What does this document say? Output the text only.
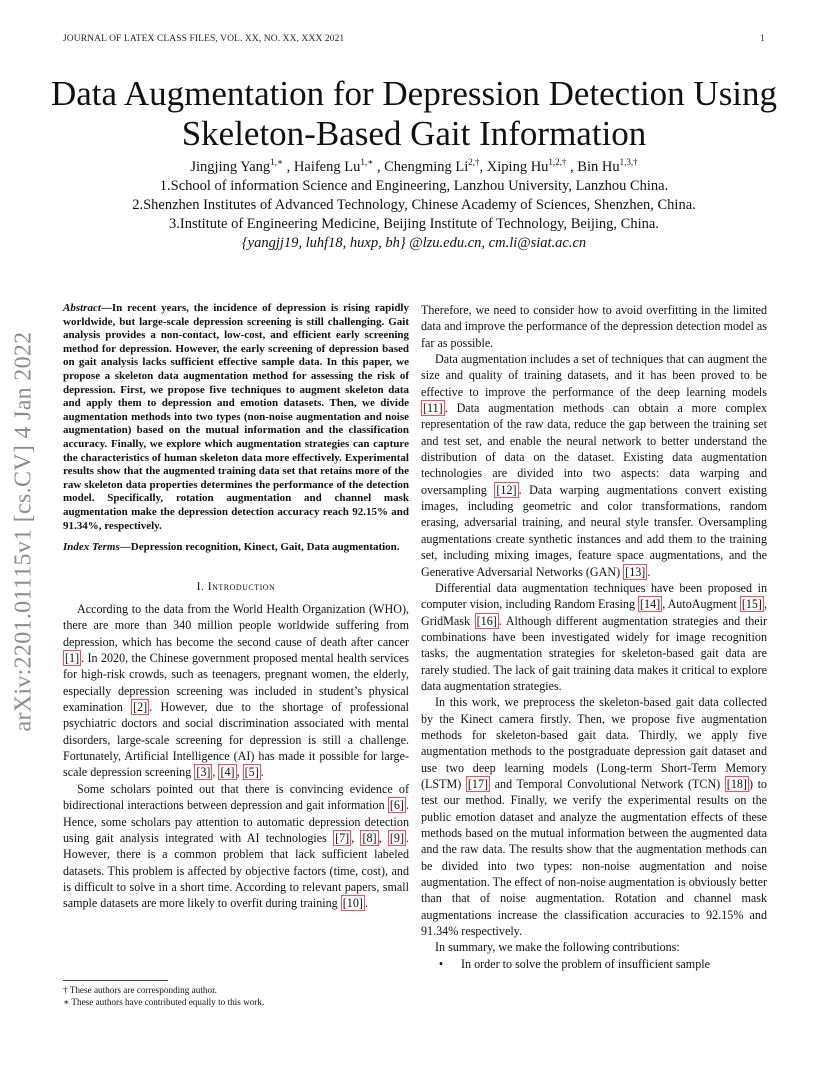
JOURNAL OF LATEX CLASS FILES, VOL. XX, NO. XX, XXX 2021	1
Data Augmentation for Depression Detection Using Skeleton-Based Gait Information
Jingjing Yang$^{1,∗}$ , Haifeng $Lu^{1,∗}$ , Chengming $Li^{2,\dagger}$, Xiping $Hu^{1,2,\dagger}$ , Bin $Hu^{1,3,\dagger}$
1.School of information Science and Engineering, Lanzhou University, Lanzhou China.
2.Shenzhen Institutes of Advanced Technology, Chinese Academy of Sciences, Shenzhen, China.
3.Institute of Engineering Medicine, Beijing Institute of Technology, Beijing, China.
{yangjj19, luhf18, huxp, bh} @lzu.edu.cn, cm.li@siat.ac.cn
arXiv:2201.01115v1 [cs.CV] 4 Jan 2022

Abstract—In recent years, the incidence of depression is rising rapidly worldwide, but large-scale depression screening is still challenging. Gait analysis provides a non-contact, low-cost, and efficient early screening method for depression. However, the early screening of depression based on gait analysis lacks sufficient effective sample data. In this paper, we propose a skeleton data augmentation method for assessing the risk of depression. First, we propose five techniques to augment skeleton data and apply them to depression and emotion datasets. Then, we divide augmentation methods into two types (non-noise augmentation and noise augmentation) based on the mutual information and the classification accuracy. Finally, we explore which augmentation strategies can capture the characteristics of human skeleton data more effectively. Experimental results show that the augmented training data set that retains more of the raw skeleton data properties determines the performance of the detection model. Specifically, rotation augmentation and channel mask augmentation make the depression detection accuracy reach 92.15% and 91.34%, respectively.

Index Terms—Depression recognition, Kinect, Gait, Data augmentation.

I. Introduction

According to the data from the World Health Organization (WHO), there are more than 340 million people worldwide suffering from depression, which has become the second cause of death after cancer [1] . In 2020, the Chinese government proposed mental health services for high-risk crowds, such as teenagers, pregnant women, the elderly, especially depression screening was included in student’s physical examination [2] . However, due to the shortage of professional psychiatric doctors and social discrimination associated with mental disorders, large-scale screening for depression is still a challenge. Fortunately, Artificial Intelligence (AI) has made it possible for large-scale depression screening [3] , [4] , [5] .

Some scholars pointed out that there is convincing evidence of bidirectional interactions between depression and gait information [6] . Hence, some scholars pay attention to automatic depression detection using gait analysis integrated with AI technologies [7] , [8] , [9] . However, there is a common problem that lack sufficient labeled datasets. This problem is affected by objective factors (time, cost), and is difficult to solve in a short time. According to relevant papers, small sample datasets are more likely to overfit during training [10] .

Therefore, we need to consider how to avoid overfitting in the limited data and improve the performance of the depression detection model as far as possible.

Data augmentation includes a set of techniques that can augment the size and quality of training datasets, and it has been proved to be effective to improve the performance of the deep learning models [11] . Data augmentation methods can obtain a more complex representation of the raw data, reduce the gap between the training set and test set, and enable the neural network to better understand the distribution of data on the dataset. Existing data augmentation technologies are divided into two aspects: data warping and oversampling [12] . Data warping augmentations convert existing images, including geometric and color transformations, random erasing, adversarial training, and neural style transfer. Oversampling augmentations create synthetic instances and add them to the training set, including mixing images, feature space augmentations, and the Generative Adversarial Networks (GAN) [13] .

Differential data augmentation techniques have been proposed in computer vision, including Random Erasing [14] , AutoAugment [15] , GridMask [16] . Although different augmentation strategies and their combinations have been investigated widely for image recognition tasks, the augmentation strategies for skeleton-based gait data are rarely studied. The lack of gait training data makes it critical to explore data augmentation strategies.

In this work, we preprocess the skeleton-based gait data collected by the Kinect camera firstly. Then, we propose five augmentation methods for skeleton-based gait data. Thirdly, we apply five augmentation methods to the postgraduate depression gait dataset and use two deep learning models (Long-term Short-Term Memory (LSTM) [17] and Temporal Convolutional Network (TCN) [18] ) to test our method. Finally, we verify the experimental results on the public emotion dataset and analyze the augmentation effects of these methods based on the mutual information between the augmented data and the raw data. The results show that the augmentation methods can be divided into two types: non-noise augmentation and noise augmentation. The effect of non-noise augmentation is obviously better than that of noise augmentation. Rotation and channel mask augmentations increase the classification accuracies to 92.15% and 91.34% respectively.

In summary, we make the following contributions:

•	In order to solve the problem of insufficient sample

† These authors are corresponding author.
∗ These authors have contributed equally to this work.
